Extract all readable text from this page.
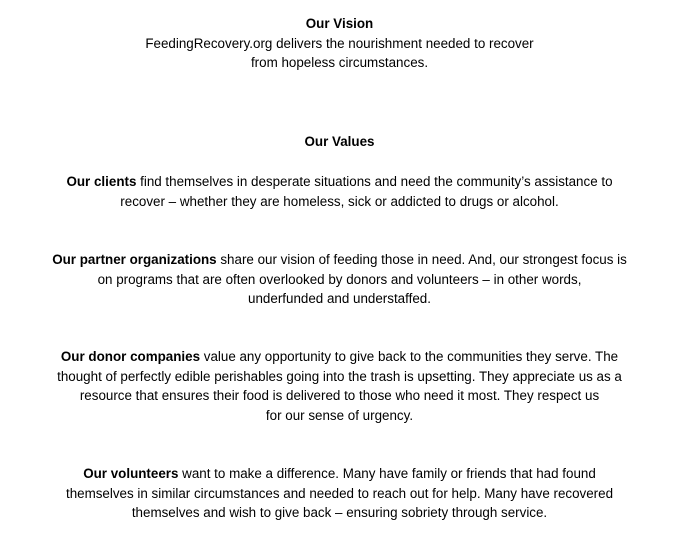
Our Vision
FeedingRecovery.org delivers the nourishment needed to recover
from hopeless circumstances.
Our Values
Our clients find themselves in desperate situations and need the community’s assistance to
recover – whether they are homeless, sick or addicted to drugs or alcohol.
Our partner organizations share our vision of feeding those in need. And, our strongest focus is
on programs that are often overlooked by donors and volunteers – in other words,
underfunded and understaffed.
Our donor companies value any opportunity to give back to the communities they serve. The
thought of perfectly edible perishables going into the trash is upsetting. They appreciate us as a
resource that ensures their food is delivered to those who need it most. They respect us
for our sense of urgency.
Our volunteers want to make a difference. Many have family or friends that had found
themselves in similar circumstances and needed to reach out for help. Many have recovered
themselves and wish to give back – ensuring sobriety through service.
